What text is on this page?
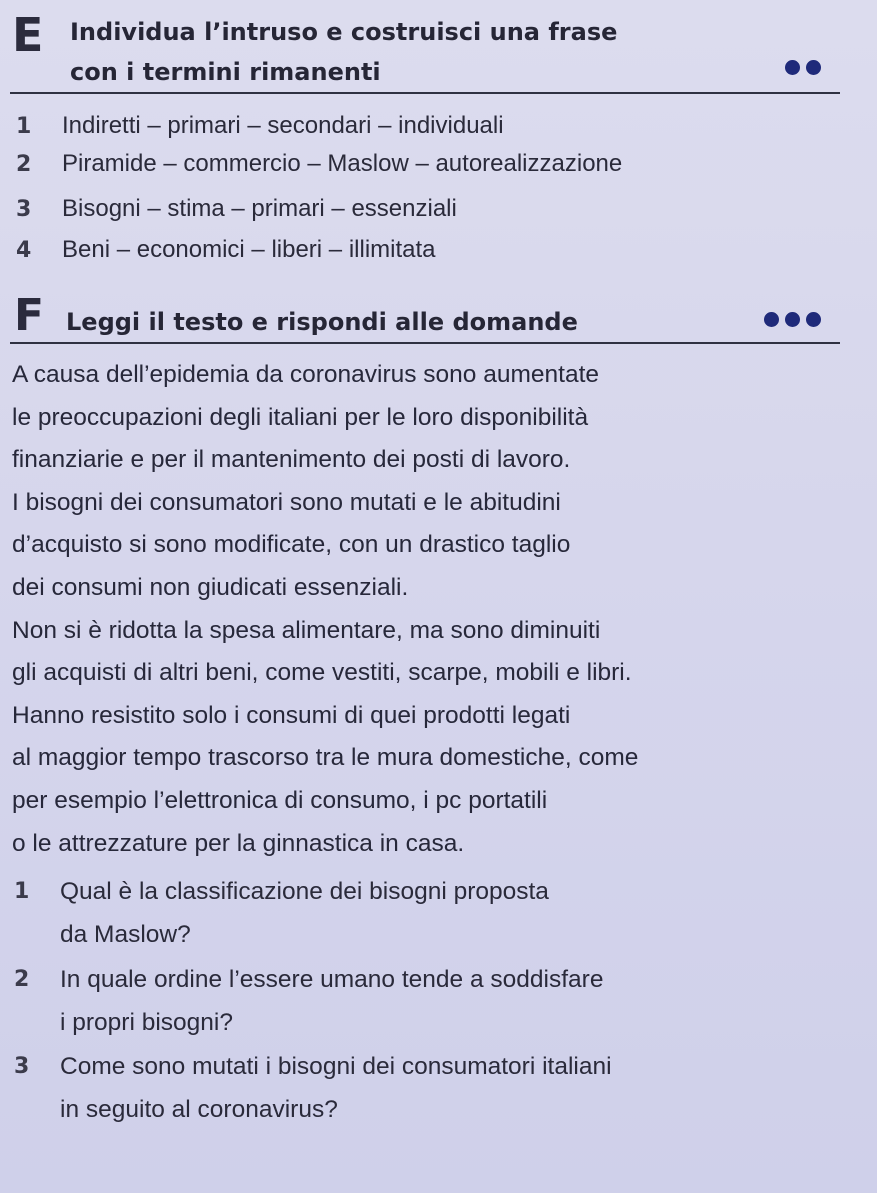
E Individua l’intruso e costruisci una frase
con i termini rimanenti
1 Indiretti – primari – secondari – individuali
2 Piramide – commercio – Maslow – autorealizzazione
3 Bisogni – stima – primari – essenziali
4 Beni – economici – liberi – illimitata
F Leggi il testo e rispondi alle domande
A causa dell’epidemia da coronavirus sono aumentate
le preoccupazioni degli italiani per le loro disponibilità
finanziarie e per il mantenimento dei posti di lavoro.
I bisogni dei consumatori sono mutati e le abitudini
d’acquisto si sono modificate, con un drastico taglio
dei consumi non giudicati essenziali.
Non si è ridotta la spesa alimentare, ma sono diminuiti
gli acquisti di altri beni, come vestiti, scarpe, mobili e libri.
Hanno resistito solo i consumi di quei prodotti legati
al maggior tempo trascorso tra le mura domestiche, come
per esempio l’elettronica di consumo, i pc portatili
o le attrezzature per la ginnastica in casa.
1	Qual è la classificazione dei bisogni proposta
da Maslow?
2	In quale ordine l’essere umano tende a soddisfare
i propri bisogni?
3	Come sono mutati i bisogni dei consumatori italiani
in seguito al coronavirus?
